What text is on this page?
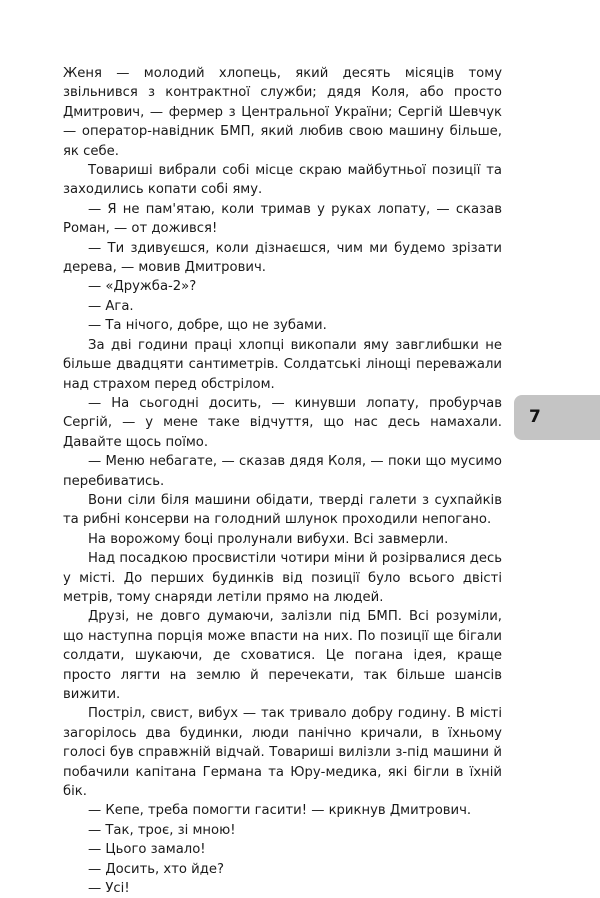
Женя — молодий хлопець, який десять місяців тому звільнився з контрактної служби; дядя Коля, або просто Дмитрович, — фермер з Центральної України; Сергій Шевчук — оператор-навідник БМП, який любив свою машину більше, як себе.

Товариші вибрали собі місце скраю майбутньої позиції та заходились копати собі яму.

— Я не пам'ятаю, коли тримав у руках лопату, — сказав Роман, — от дожився!

— Ти здивуєшся, коли дізнаєшся, чим ми будемо зрізати дерева, — мовив Дмитрович.

— «Дружба-2»?

— Ага.

— Та нічого, добре, що не зубами.

За дві години праці хлопці викопали яму завглибшки не більше двадцяти сантиметрів. Солдатські лінощі переважали над страхом перед обстрілом.

— На сьогодні досить, — кинувши лопату, пробурчав Сергій, — у мене таке відчуття, що нас десь намахали. Давайте щось поїмо.

— Меню небагате, — сказав дядя Коля, — поки що мусимо перебиватись.

Вони сіли біля машини обідати, тверді галети з сухпайків та рибні консерви на голодний шлунок проходили непогано.

На ворожому боці пролунали вибухи. Всі завмерли.

Над посадкою просвистіли чотири міни й розірвалися десь у місті. До перших будинків від позиції було всього двісті метрів, тому снаряди летіли прямо на людей.

Друзі, не довго думаючи, залізли під БМП. Всі розуміли, що наступна порція може впасти на них. По позиції ще бігали солдати, шукаючи, де сховатися. Це погана ідея, краще просто лягти на землю й перечекати, так більше шансів вижити.

Постріл, свист, вибух — так тривало добру годину. В місті загорілось два будинки, люди панічно кричали, в їхньому голосі був справжній відчай. Товариші вилізли з-під машини й побачили капітана Германа та Юру-медика, які бігли в їхній бік.

— Кепе, треба помогти гасити! — крикнув Дмитрович.

— Так, троє, зі мною!

— Цього замало!

— Досить, хто йде?

— Усі!

7
